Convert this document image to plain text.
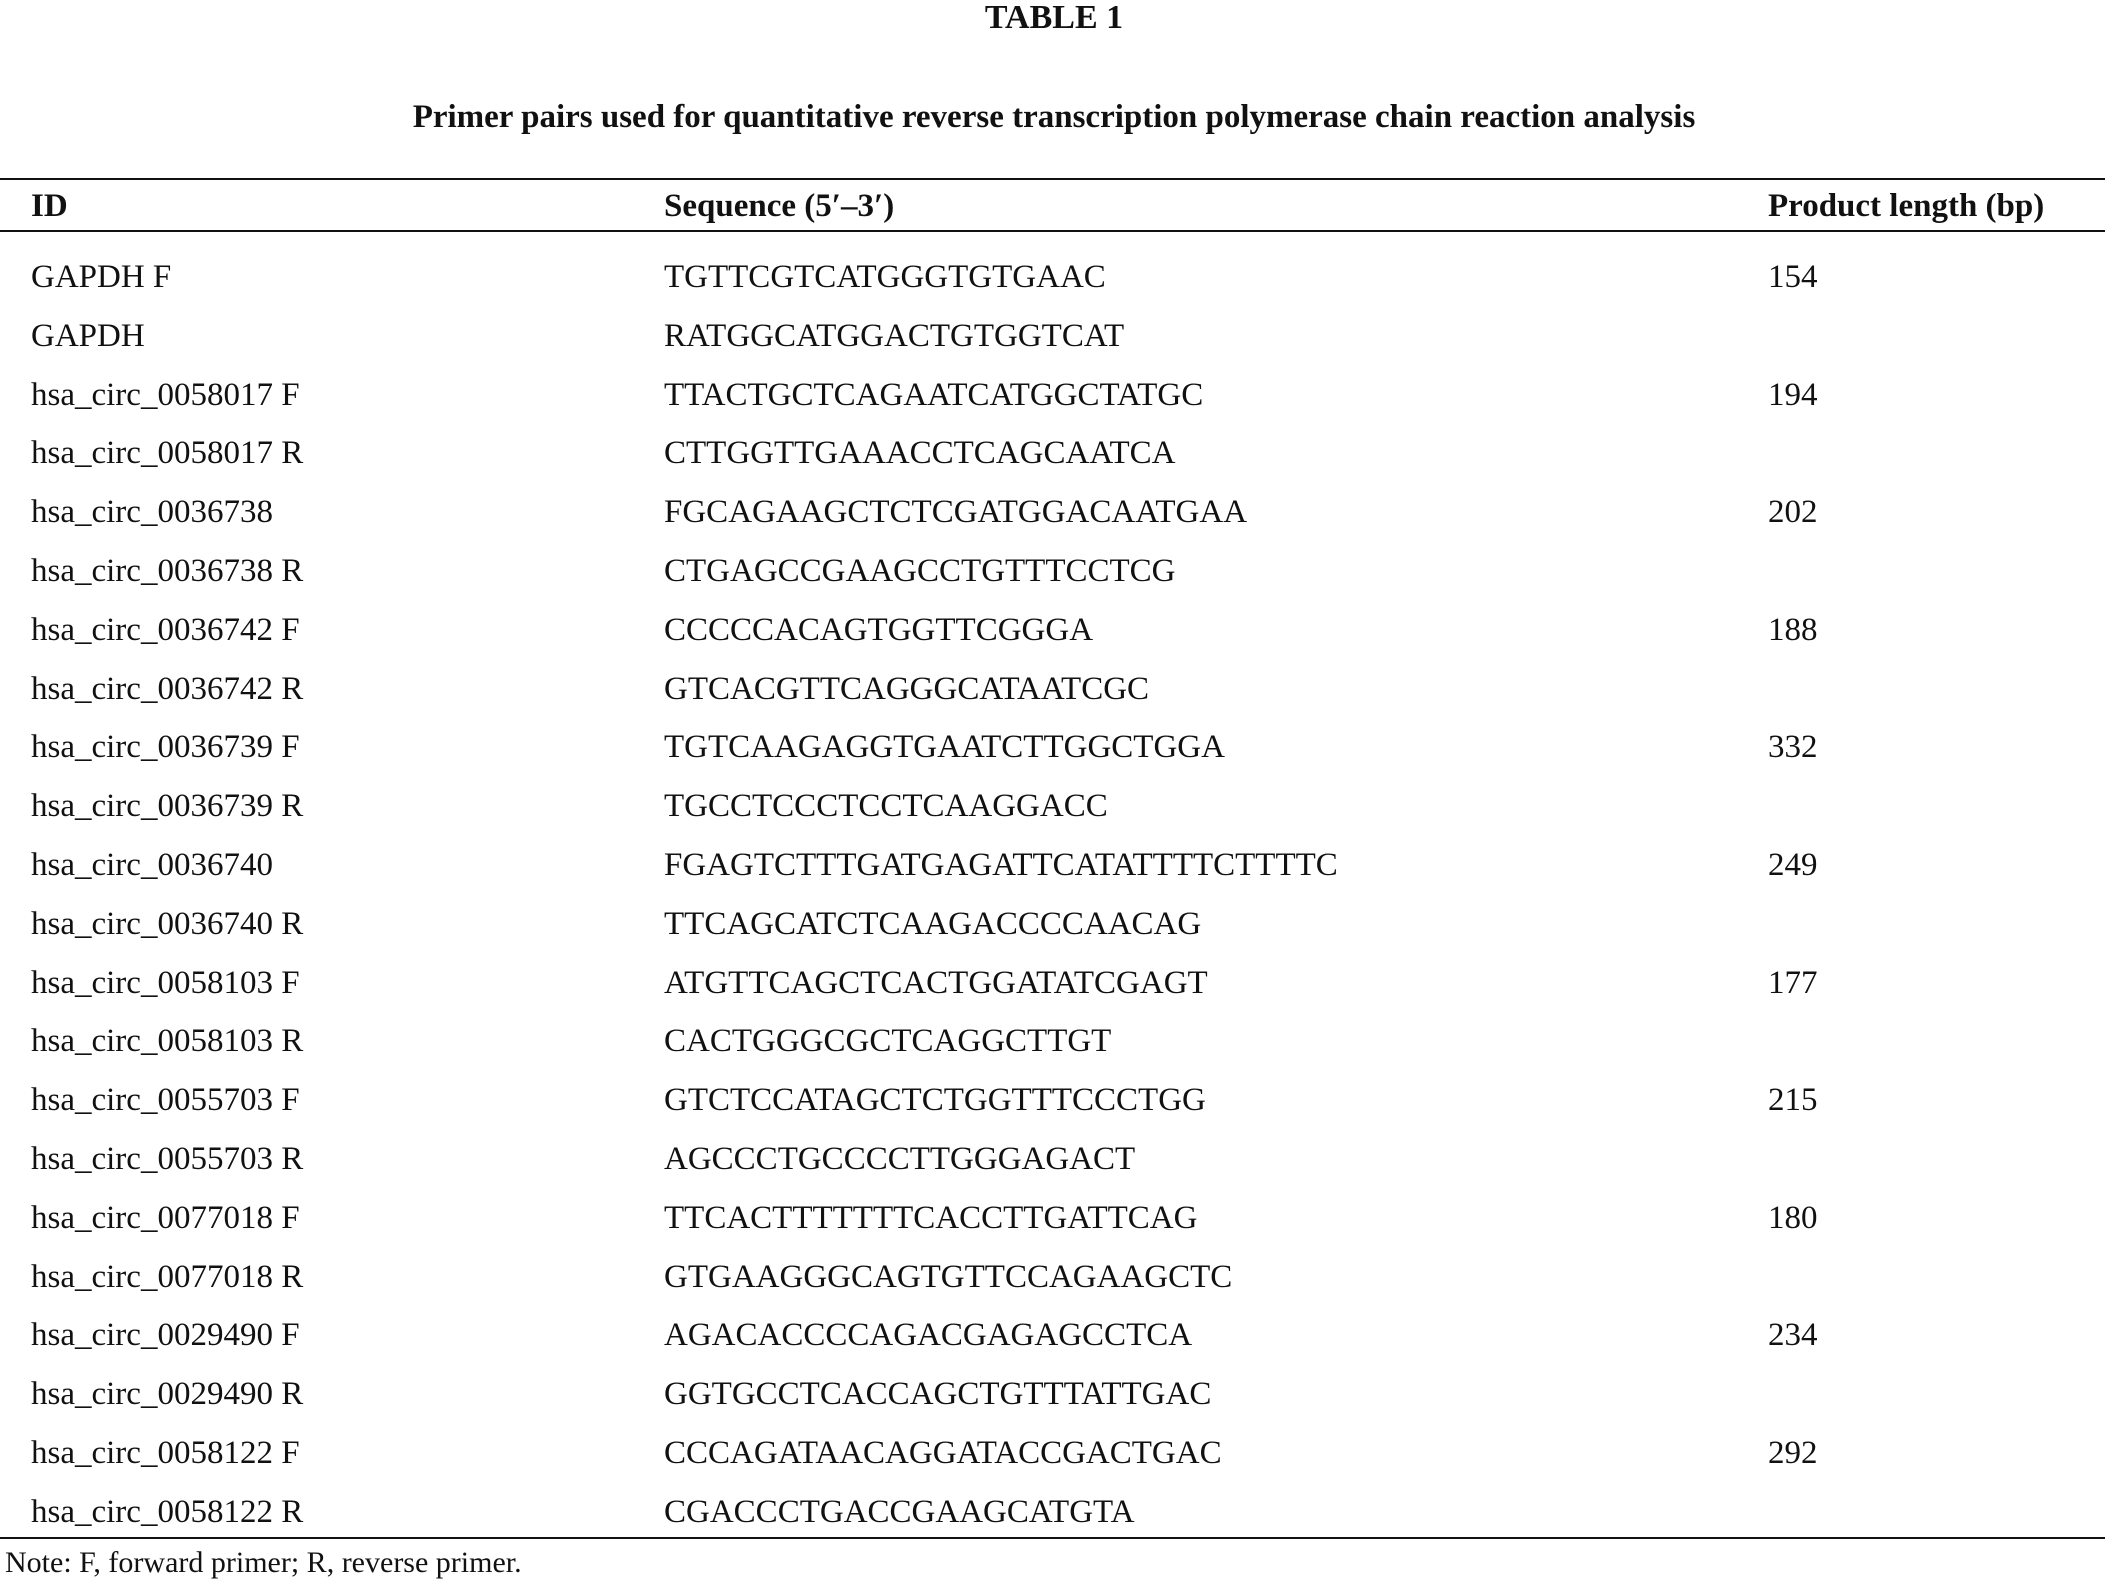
TABLE 1
Primer pairs used for quantitative reverse transcription polymerase chain reaction analysis
ID	Sequence (5′–3′)	Product length (bp)
GAPDH F	TGTTCGTCATGGGTGTGAAC	154
GAPDH	RATGGCATGGACTGTGGTCAT
hsa_circ_0058017 F	TTACTGCTCAGAATCATGGCTATGC	194
hsa_circ_0058017 R	CTTGGTTGAAACCTCAGCAATCA
hsa_circ_0036738	FGCAGAAGCTCTCGATGGACAATGAA	202
hsa_circ_0036738 R	CTGAGCCGAAGCCTGTTTCCTCG
hsa_circ_0036742 F	CCCCCACAGTGGTTCGGGA	188
hsa_circ_0036742 R	GTCACGTTCAGGGCATAATCGC
hsa_circ_0036739 F	TGTCAAGAGGTGAATCTTGGCTGGA	332
hsa_circ_0036739 R	TGCCTCCCTCCTCAAGGACC
hsa_circ_0036740	FGAGTCTTTGATGAGATTCATATTTTCTTTTC	249
hsa_circ_0036740 R	TTCAGCATCTCAAGACCCCAACAG
hsa_circ_0058103 F	ATGTTCAGCTCACTGGATATCGAGT	177
hsa_circ_0058103 R	CACTGGGCGCTCAGGCTTGT
hsa_circ_0055703 F	GTCTCCATAGCTCTGGTTTCCCTGG	215
hsa_circ_0055703 R	AGCCCTGCCCCTTGGGAGACT
hsa_circ_0077018 F	TTCACTTTTTTTCACCTTGATTCAG	180
hsa_circ_0077018 R	GTGAAGGGCAGTGTTCCAGAAGCTC
hsa_circ_0029490 F	AGACACCCCAGACGAGAGCCTCA	234
hsa_circ_0029490 R	GGTGCCTCACCAGCTGTTTATTGAC
hsa_circ_0058122 F	CCCAGATAACAGGATACCGACTGAC	292
hsa_circ_0058122 R	CGACCCTGACCGAAGCATGTA
Note: F, forward primer; R, reverse primer.
